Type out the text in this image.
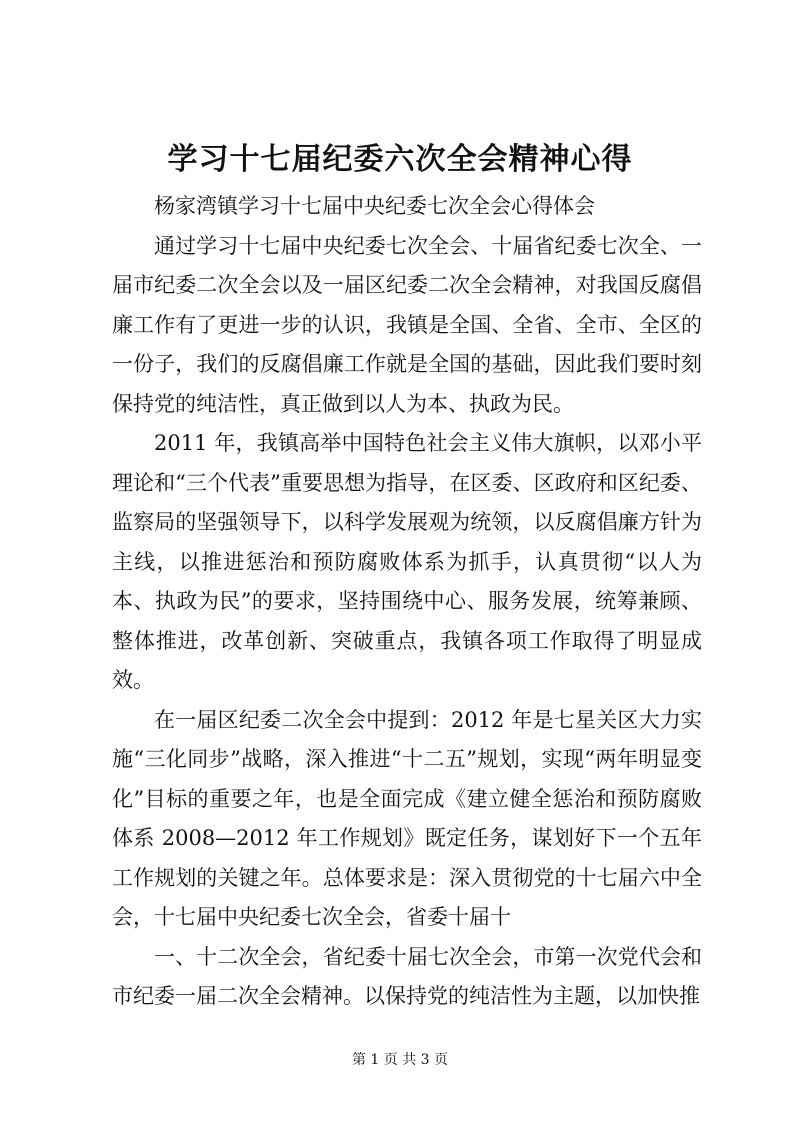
学习十七届纪委六次全会精神心得

杨家湾镇学习十七届中央纪委七次全会心得体会

通过学习十七届中央纪委七次全会、十届省纪委七次全、一届市纪委二次全会以及一届区纪委二次全会精神，对我国反腐倡廉工作有了更进一步的认识，我镇是全国、全省、全市、全区的一份子，我们的反腐倡廉工作就是全国的基础，因此我们要时刻保持党的纯洁性，真正做到以人为本、执政为民。

2011 年，我镇高举中国特色社会主义伟大旗帜，以邓小平理论和“三个代表”重要思想为指导，在区委、区政府和区纪委、监察局的坚强领导下，以科学发展观为统领，以反腐倡廉方针为主线，以推进惩治和预防腐败体系为抓手，认真贯彻“以人为本、执政为民”的要求，坚持围绕中心、服务发展，统筹兼顾、整体推进，改革创新、突破重点，我镇各项工作取得了明显成效。

在一届区纪委二次全会中提到：2012 年是七星关区大力实施“三化同步”战略，深入推进“十二五”规划，实现“两年明显变化”目标的重要之年，也是全面完成《建立健全惩治和预防腐败体系 2008—2012 年工作规划》既定任务，谋划好下一个五年工作规划的关键之年。总体要求是：深入贯彻党的十七届六中全会，十七届中央纪委七次全会，省委十届十

一、十二次全会，省纪委十届七次全会，市第一次党代会和市纪委一届二次全会精神。以保持党的纯洁性为主题，以加快推

第 1 页 共 3 页
